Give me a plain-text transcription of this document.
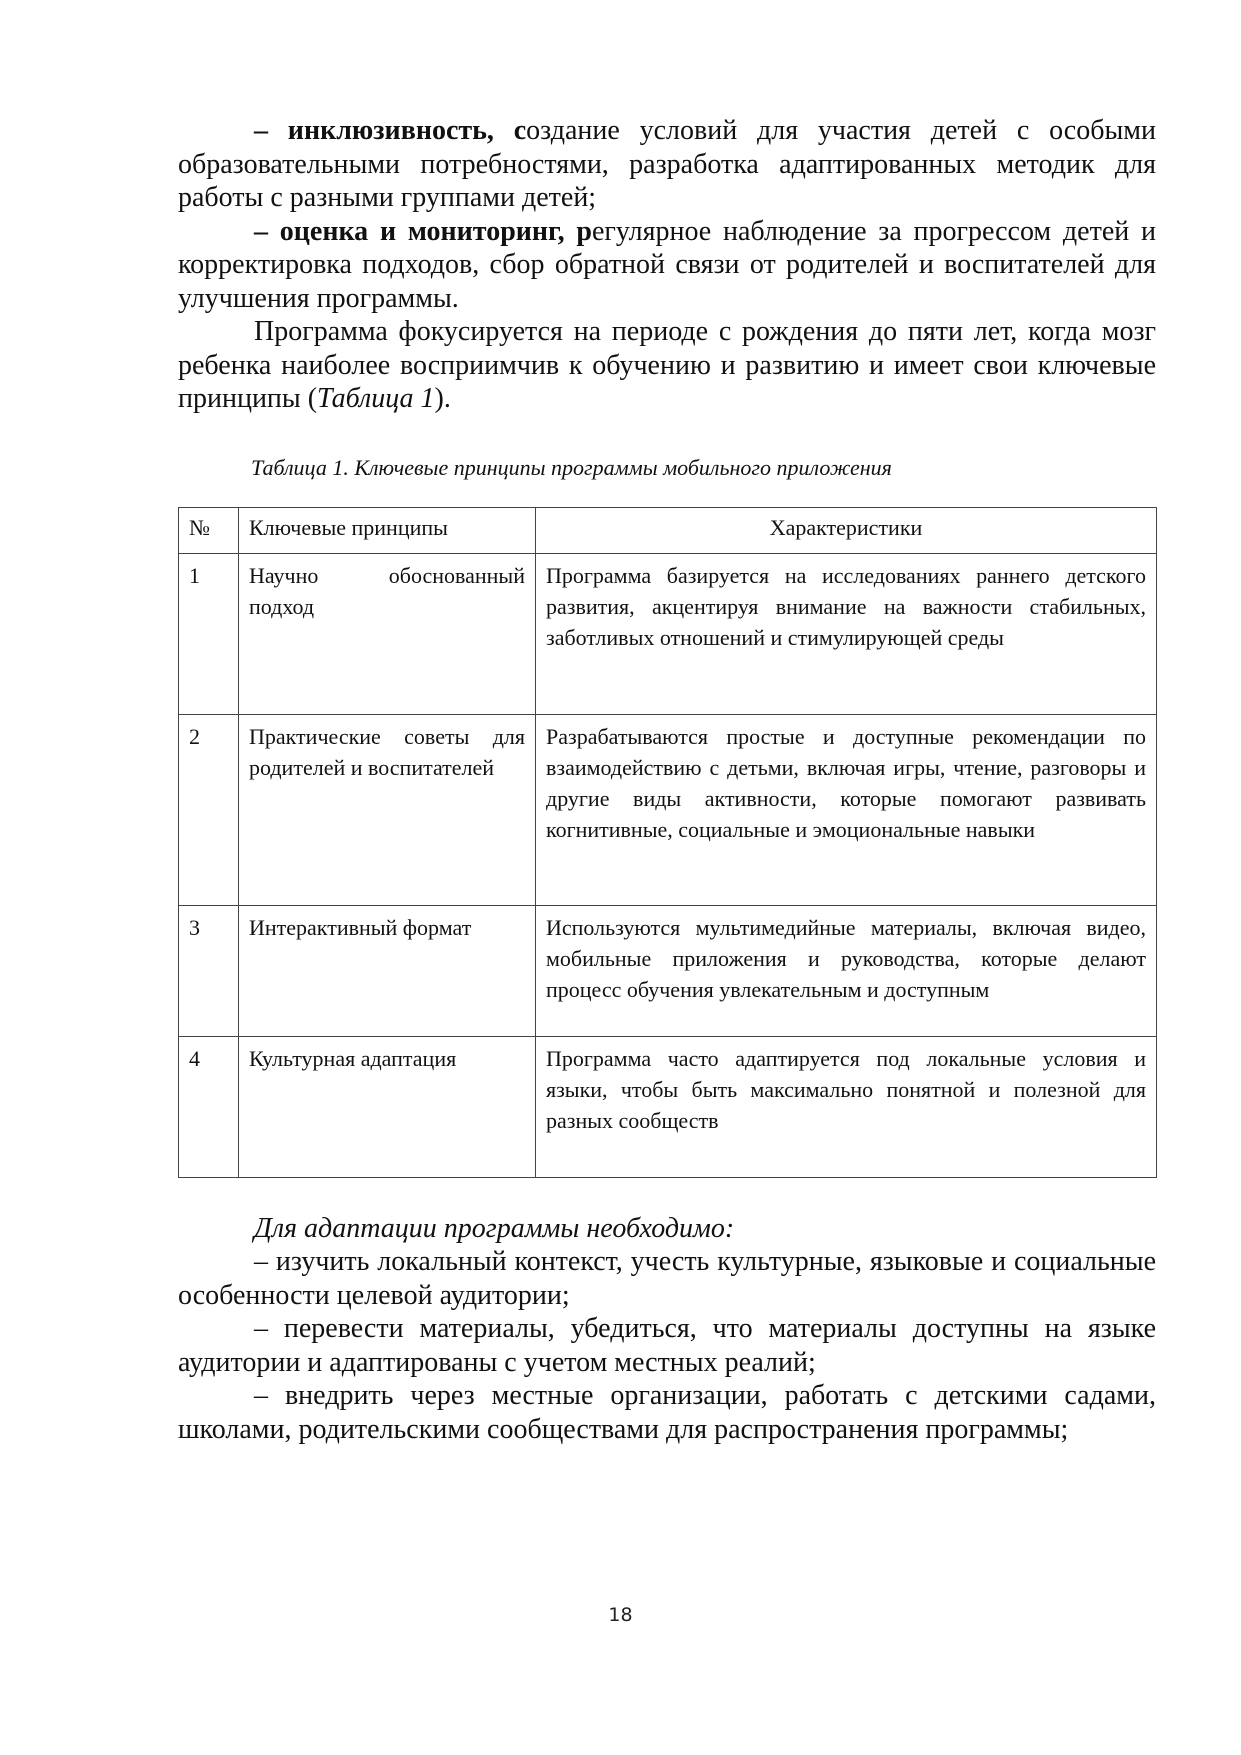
– инклюзивность, создание условий для участия детей с особыми образовательными потребностями, разработка адаптированных методик для работы с разными группами детей;

– оценка и мониторинг, регулярное наблюдение за прогрессом детей и корректировка подходов, сбор обратной связи от родителей и воспитателей для улучшения программы.

Программа фокусируется на периоде с рождения до пяти лет, когда мозг ребенка наиболее восприимчив к обучению и развитию и имеет свои ключевые принципы (Таблица 1).

Таблица 1. Ключевые принципы программы мобильного приложения
№	Ключевые принципы	Характеристики
1	Научно обоснованный подход	Программа базируется на исследованиях раннего детского развития, акцентируя внимание на важности стабильных, заботливых отношений и стимулирующей среды
2	Практические советы для родителей и воспитателей	Разрабатываются простые и доступные рекомендации по взаимодействию с детьми, включая игры, чтение, разговоры и другие виды активности, которые помогают развивать когнитивные, социальные и эмоциональные навыки
3	Интерактивный формат	Используются мультимедийные материалы, включая видео, мобильные приложения и руководства, которые делают процесс обучения увлекательным и доступным
4	Культурная адаптация	Программа часто адаптируется под локальные условия и языки, чтобы быть максимально понятной и полезной для разных сообществ

Для адаптации программы необходимо:

– изучить локальный контекст, учесть культурные, языковые и социальные особенности целевой аудитории;

– перевести материалы, убедиться, что материалы доступны на языке аудитории и адаптированы с учетом местных реалий;

– внедрить через местные организации, работать с детскими садами, школами, родительскими сообществами для распространения программы;

18
